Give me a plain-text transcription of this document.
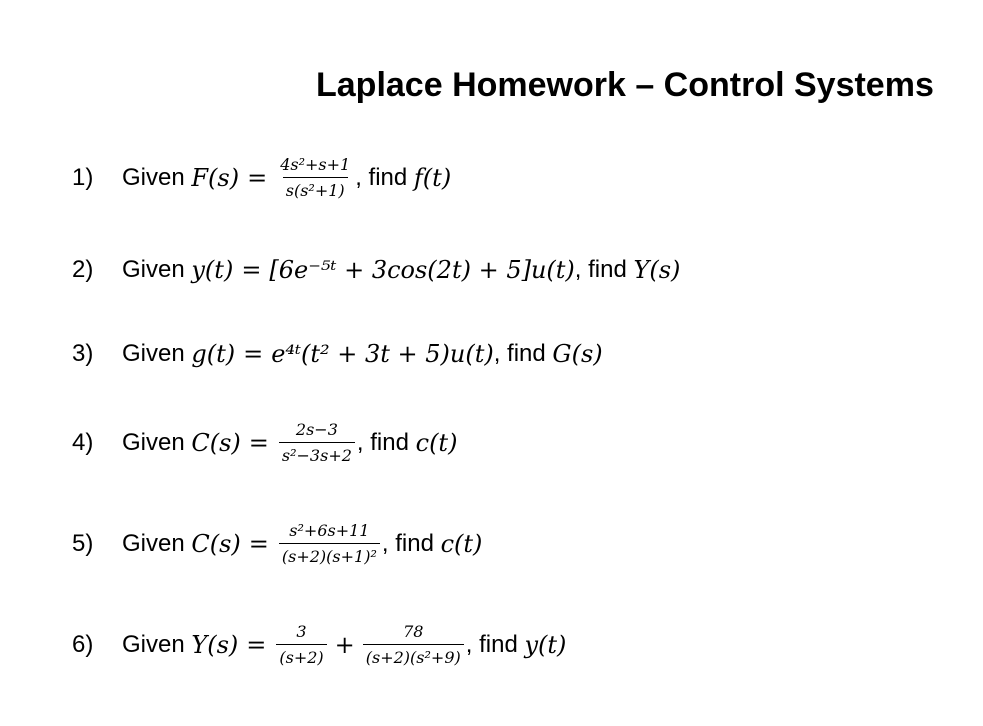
Laplace Homework – Control Systems
1)	Given
$F(s) = \frac{\text{4s²+s+1}}{\text{s(s²+1)}}$ ,
find
f(t)
2)	Given
y(t) = [6e⁻⁵ᵗ + 3cos(2t) + 5]u(t) ,
find
Y(s)
3)	Given
g(t) = e⁴ᵗ(t² + 3t + 5)u(t) ,
find
G(s)
4)	Given
$C(s) = \frac{2s-3}{\text{s²−3s+2}}$ ,
find
c(t)
5)	Given
$C(s) = \frac{\text{s²+6s+11}}{\text{(s+2)(s+1)²}}$ ,
find
c(t)
6)	Given
$Y(s) = \frac{3}{(s+2)} + \frac{78}{\text{(s+2)(s²+9)}}$ ,
find
y(t)
